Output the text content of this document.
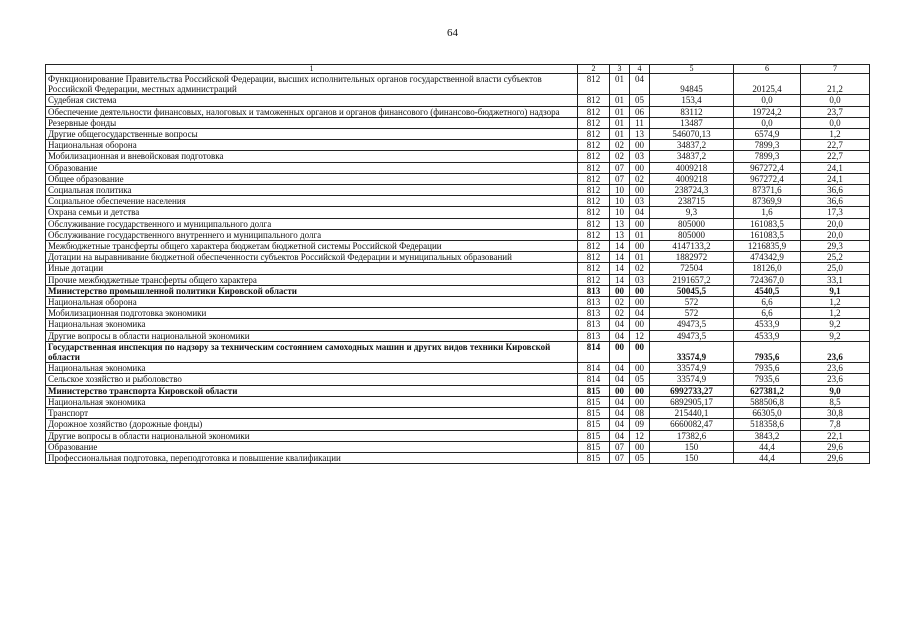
64
1	2	3	4	5	6	7
Функционирование Правительства Российской Федерации, высших исполнительных органов государственной власти субъектов Российской Федерации, местных администраций	812	01	04	94845	20125,4	21,2
Судебная система	812	01	05	153,4	0,0	0,0
Обеспечение деятельности финансовых, налоговых и таможенных органов и органов финансового (финансово-бюджетного) надзора	812	01	06	83112	19724,2	23,7
Резервные фонды	812	01	11	13487	0,0	0,0
Другие общегосударственные вопросы	812	01	13	546070,13	6574,9	1,2
Национальная оборона	812	02	00	34837,2	7899,3	22,7
Мобилизационная и вневойсковая подготовка	812	02	03	34837,2	7899,3	22,7
Образование	812	07	00	4009218	967272,4	24,1
Общее образование	812	07	02	4009218	967272,4	24,1
Социальная политика	812	10	00	238724,3	87371,6	36,6
Социальное обеспечение населения	812	10	03	238715	87369,9	36,6
Охрана семьи и детства	812	10	04	9,3	1,6	17,3
Обслуживание государственного и муниципального долга	812	13	00	805000	161083,5	20,0
Обслуживание государственного внутреннего и муниципального долга	812	13	01	805000	161083,5	20,0
Межбюджетные трансферты общего характера бюджетам бюджетной системы Российской Федерации	812	14	00	4147133,2	1216835,9	29,3
Дотации на выравнивание бюджетной обеспеченности субъектов Российской Федерации и муниципальных образований	812	14	01	1882972	474342,9	25,2
Иные дотации	812	14	02	72504	18126,0	25,0
Прочие межбюджетные трансферты общего характера	812	14	03	2191657,2	724367,0	33,1
Министерство промышленной политики Кировской области	813	00	00	50045,5	4540,5	9,1
Национальная оборона	813	02	00	572	6,6	1,2
Мобилизационная подготовка экономики	813	02	04	572	6,6	1,2
Национальная экономика	813	04	00	49473,5	4533,9	9,2
Другие вопросы в области национальной экономики	813	04	12	49473,5	4533,9	9,2
Государственная инспекция по надзору за техническим состоянием самоходных машин и других видов техники Кировской области	814	00	00	33574,9	7935,6	23,6
Национальная экономика	814	04	00	33574,9	7935,6	23,6
Сельское хозяйство и рыболовство	814	04	05	33574,9	7935,6	23,6
Министерство транспорта Кировской области	815	00	00	6992733,27	627381,2	9,0
Национальная экономика	815	04	00	6892905,17	588506,8	8,5
Транспорт	815	04	08	215440,1	66305,0	30,8
Дорожное хозяйство (дорожные фонды)	815	04	09	6660082,47	518358,6	7,8
Другие вопросы в области национальной экономики	815	04	12	17382,6	3843,2	22,1
Образование	815	07	00	150	44,4	29,6
Профессиональная подготовка, переподготовка и повышение квалификации	815	07	05	150	44,4	29,6
